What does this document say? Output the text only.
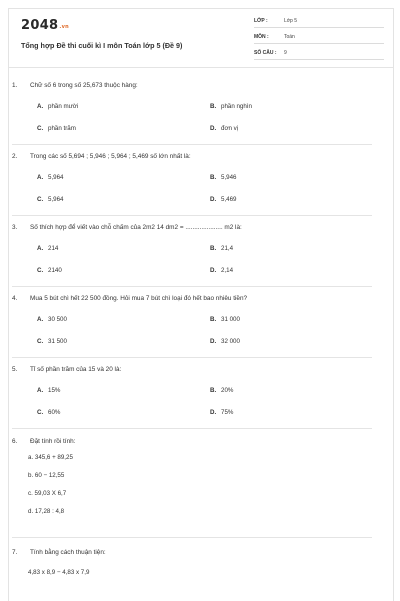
2048.vn
Tổng hợp Đề thi cuối kì I môn Toán lớp 5 (Đề 9)
LỚP :	Lớp 5
MÔN :	Toán
SỐ CÂU : 9
1.	Chữ số 6 trong số 25,673 thuộc hàng:
A. phần mười	B. phần nghìn
C. phần trăm	D. đơn vị
2.	Trong các số 5,694 ; 5,946 ; 5,964 ; 5,469 số lớn nhất là:
A. 5,964	B. 5,946
C. 5,964	D. 5,469
3.	Số thích hợp để viết vào chỗ chấm của 2m2 14 dm2 = ..................... m2 là:
A. 214	B. 21,4
C. 2140	D. 2,14
4.	Mua 5 bút chì hết 22 500 đồng. Hỏi mua 7 bút chì loại đó hết bao nhiêu tiền?
A. 30 500	B. 31 000
C. 31 500	D. 32 000
5.	Tỉ số phần trăm của 15 và 20 là:
A. 15%	B. 20%
C. 60%	D. 75%
6.	Đặt tính rồi tính:
a. 345,6 + 89,25
b. 60 − 12,55
c. 59,03 X 6,7
d. 17,28 : 4,8
7.	Tính bằng cách thuận tiện:
4,83 x 8,9 − 4,83 x 7,9
